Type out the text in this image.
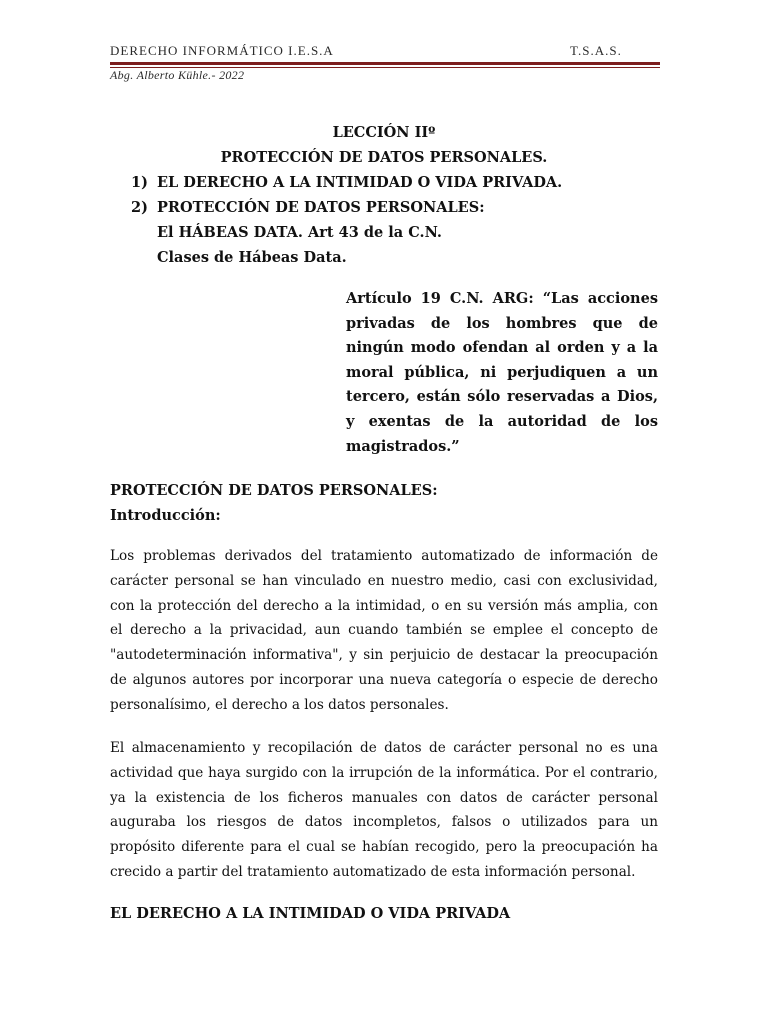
DERECHO INFORMÁTICO I.E.S.A	T.S.A.S.
Abg. Alberto Kühle.- 2022
LECCIÓN IIº
PROTECCIÓN DE DATOS PERSONALES.
1) EL DERECHO A LA INTIMIDAD O VIDA PRIVADA.
2) PROTECCIÓN DE DATOS PERSONALES:
El HÁBEAS DATA. Art 43 de la C.N.
Clases de Hábeas Data.
Artículo 19 C.N. ARG: “Las acciones privadas de los hombres que de ningún modo ofendan al orden y a la moral pública, ni perjudiquen a un tercero, están sólo reservadas a Dios, y exentas de la autoridad de los magistrados.”
PROTECCIÓN DE DATOS PERSONALES:
Introducción:
Los problemas derivados del tratamiento automatizado de información de carácter personal se han vinculado en nuestro medio, casi con exclusividad, con la protección del derecho a la intimidad, o en su versión más amplia, con el derecho a la privacidad, aun cuando también se emplee el concepto de "autodeterminación informativa", y sin perjuicio de destacar la preocupación de algunos autores por incorporar una nueva categoría o especie de derecho personalísimo, el derecho a los datos personales.
El almacenamiento y recopilación de datos de carácter personal no es una actividad que haya surgido con la irrupción de la informática. Por el contrario, ya la existencia de los ficheros manuales con datos de carácter personal auguraba los riesgos de datos incompletos, falsos o utilizados para un propósito diferente para el cual se habían recogido, pero la preocupación ha crecido a partir del tratamiento automatizado de esta información personal.
EL DERECHO A LA INTIMIDAD O VIDA PRIVADA
